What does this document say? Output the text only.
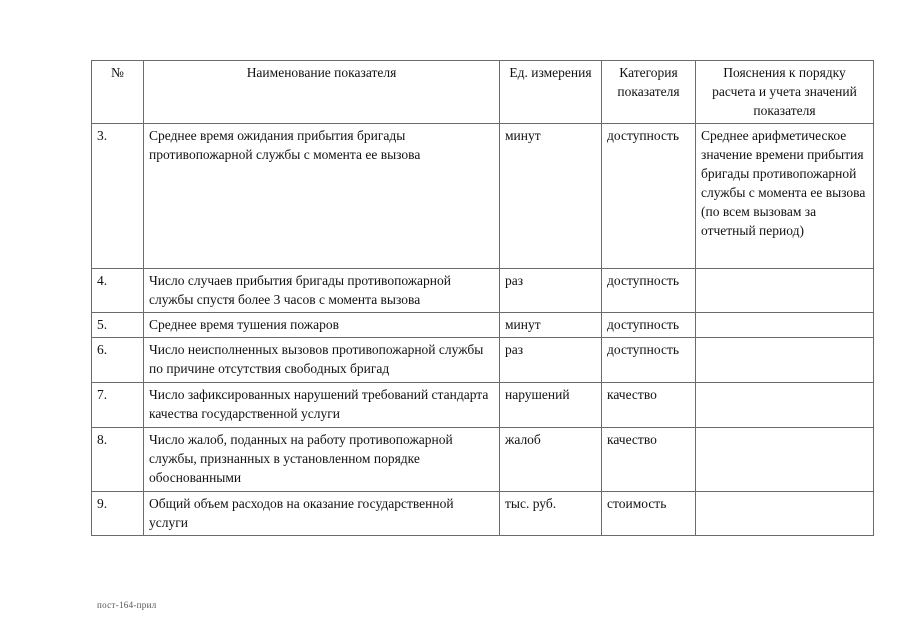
№	Наименование показателя	Ед. измерения	Категория показателя	Пояснения к порядку расчета и учета значений показателя
3.	Среднее время ожидания прибытия бригады противопожарной службы с момента ее вызова	минут	доступность	Среднее арифметическое значение времени прибытия бригады противопожарной службы с момента ее вызова (по всем вызовам за отчетный период)
4.	Число случаев прибытия бригады противопожарной службы спустя более 3 часов с момента вызова	раз	доступность	
5.	Среднее время тушения пожаров	минут	доступность	
6.	Число неисполненных вызовов противопожарной службы по причине отсутствия свободных бригад	раз	доступность	
7.	Число зафиксированных нарушений требований стандарта качества государственной услуги	нарушений	качество	
8.	Число жалоб, поданных на работу противопожарной службы, признанных в установленном порядке обоснованными	жалоб	качество	
9.	Общий объем расходов на оказание государственной услуги	тыс. руб.	стоимость	
пост-164-прил
